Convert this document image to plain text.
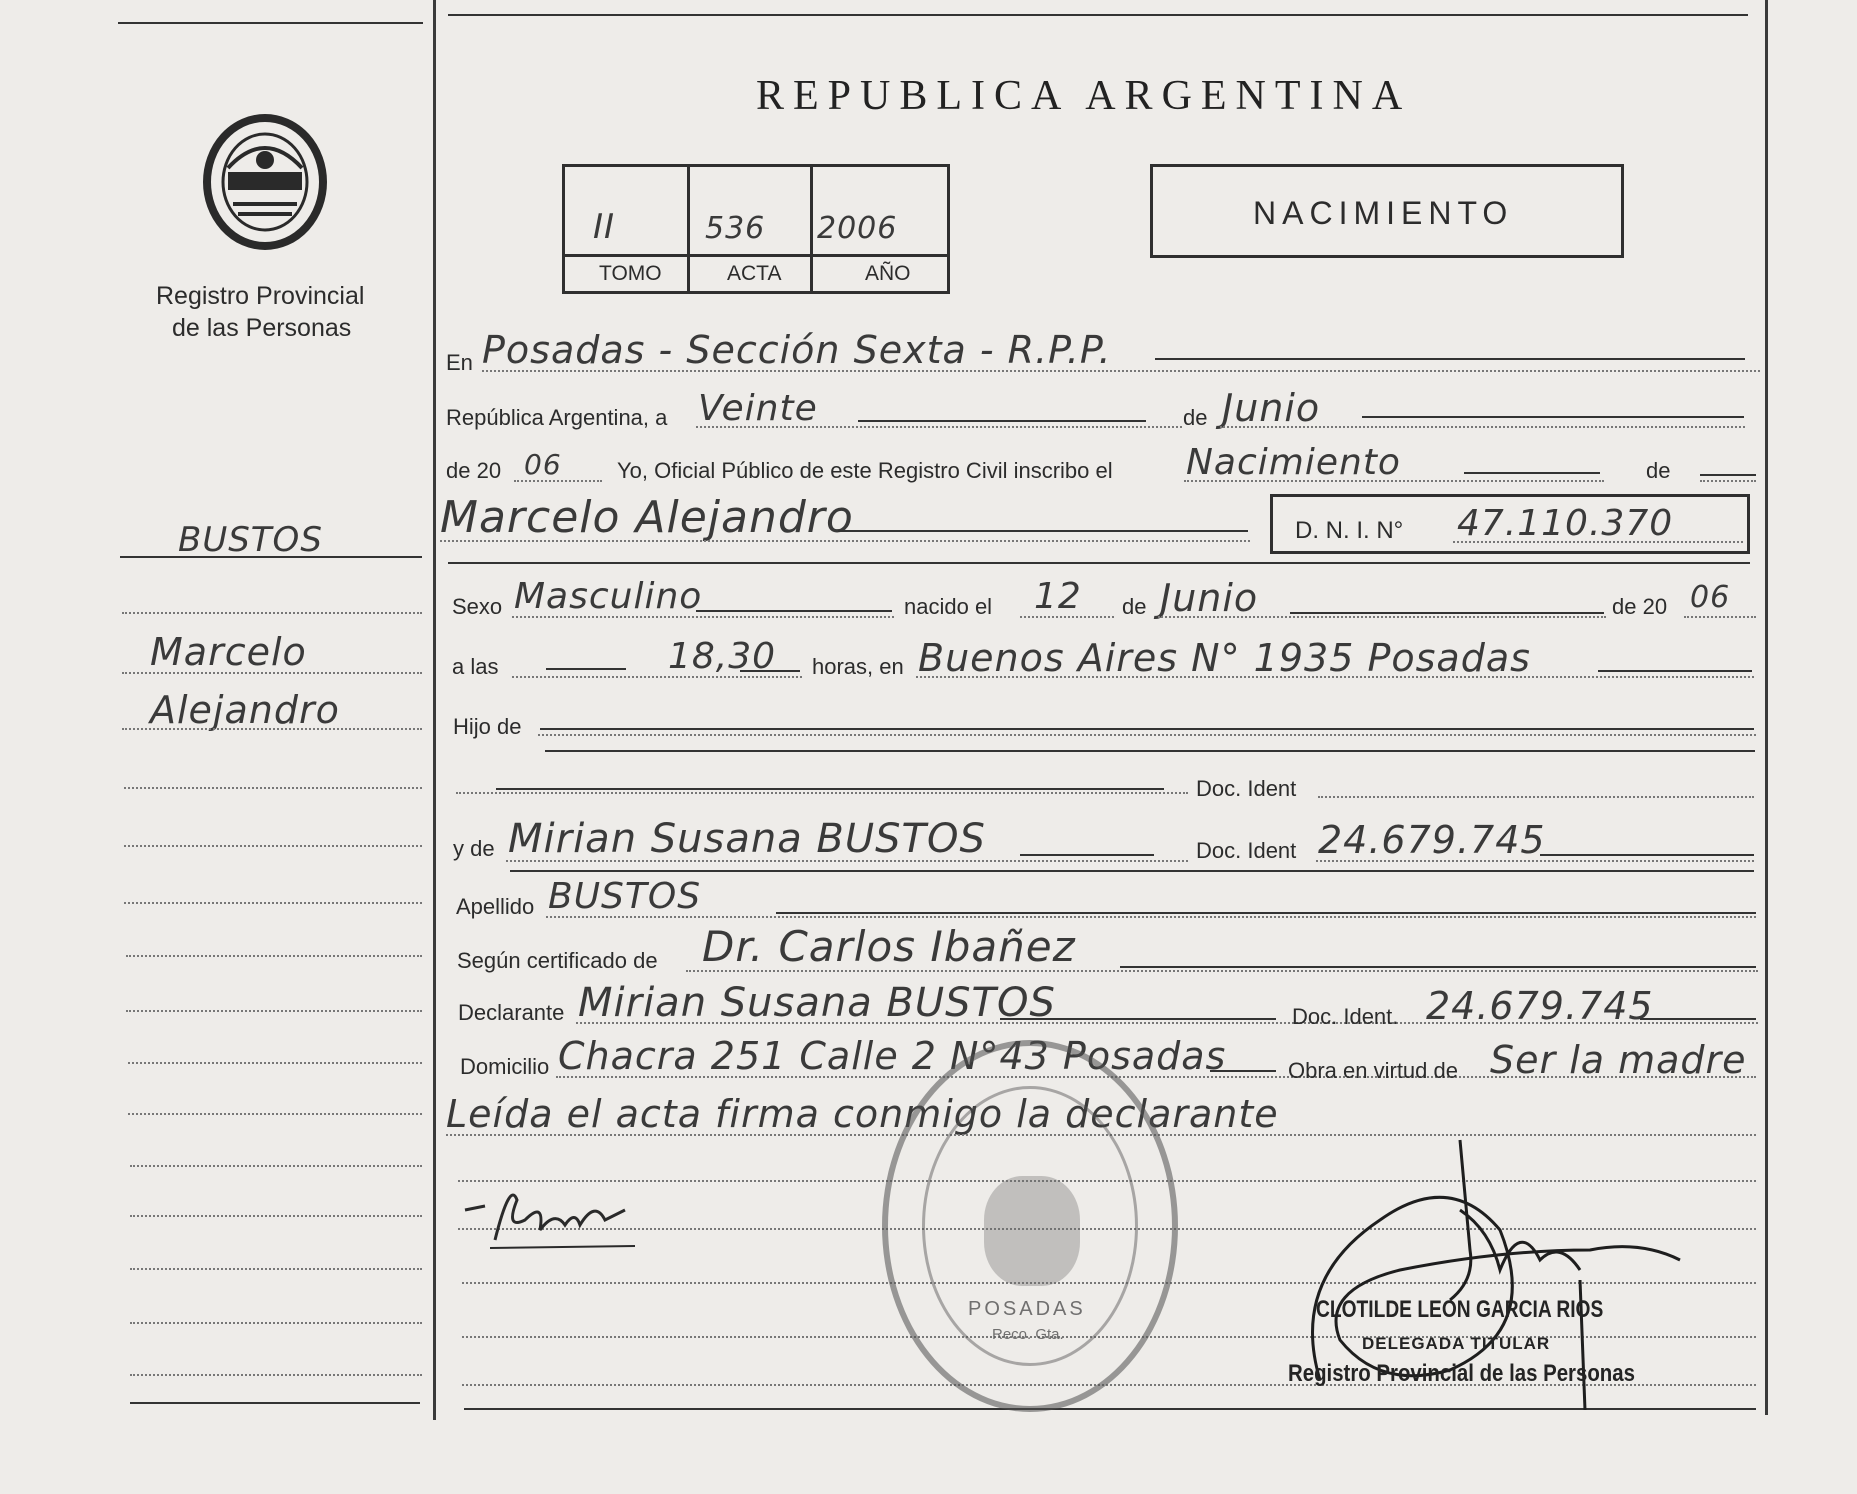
Registro Provincial
de las Personas
BUSTOS
Marcelo
Alejandro
REPUBLICA ARGENTINA
II	536 2006
TOMO	ACTA	AÑO
NACIMIENTO
En Posadas - Sección Sexta - R.P.P.
República Argentina, a Veinte	de Junio
de 20 06	Yo, Oficial Público de este Registro Civil inscribo el Nacimiento	de
Marcelo Alejandro	D. N. I. N° 47.110.370
Sexo Masculino	nacido el 12 de Junio	de 20 06
a las	18,30 horas, en Buenos Aires N° 1935 Posadas
Hijo de
Doc. Ident
y de Mirian Susana BUSTOS	Doc. Ident 24.679.745
Apellido BUSTOS
Según certificado de Dr. Carlos Ibañez
Declarante Mirian Susana BUSTOS	Doc. Ident. 24.679.745
Domicilio Chacra 251 Calle 2 N°43 Posadas	Obra en virtud de Ser la madre
Leída el acta firma conmigo la declarante
POSADAS
Reco. Gta.
CLOTILDE LEON GARCIA RIOS
DELEGADA TITULAR
Registro Provincial de las Personas
